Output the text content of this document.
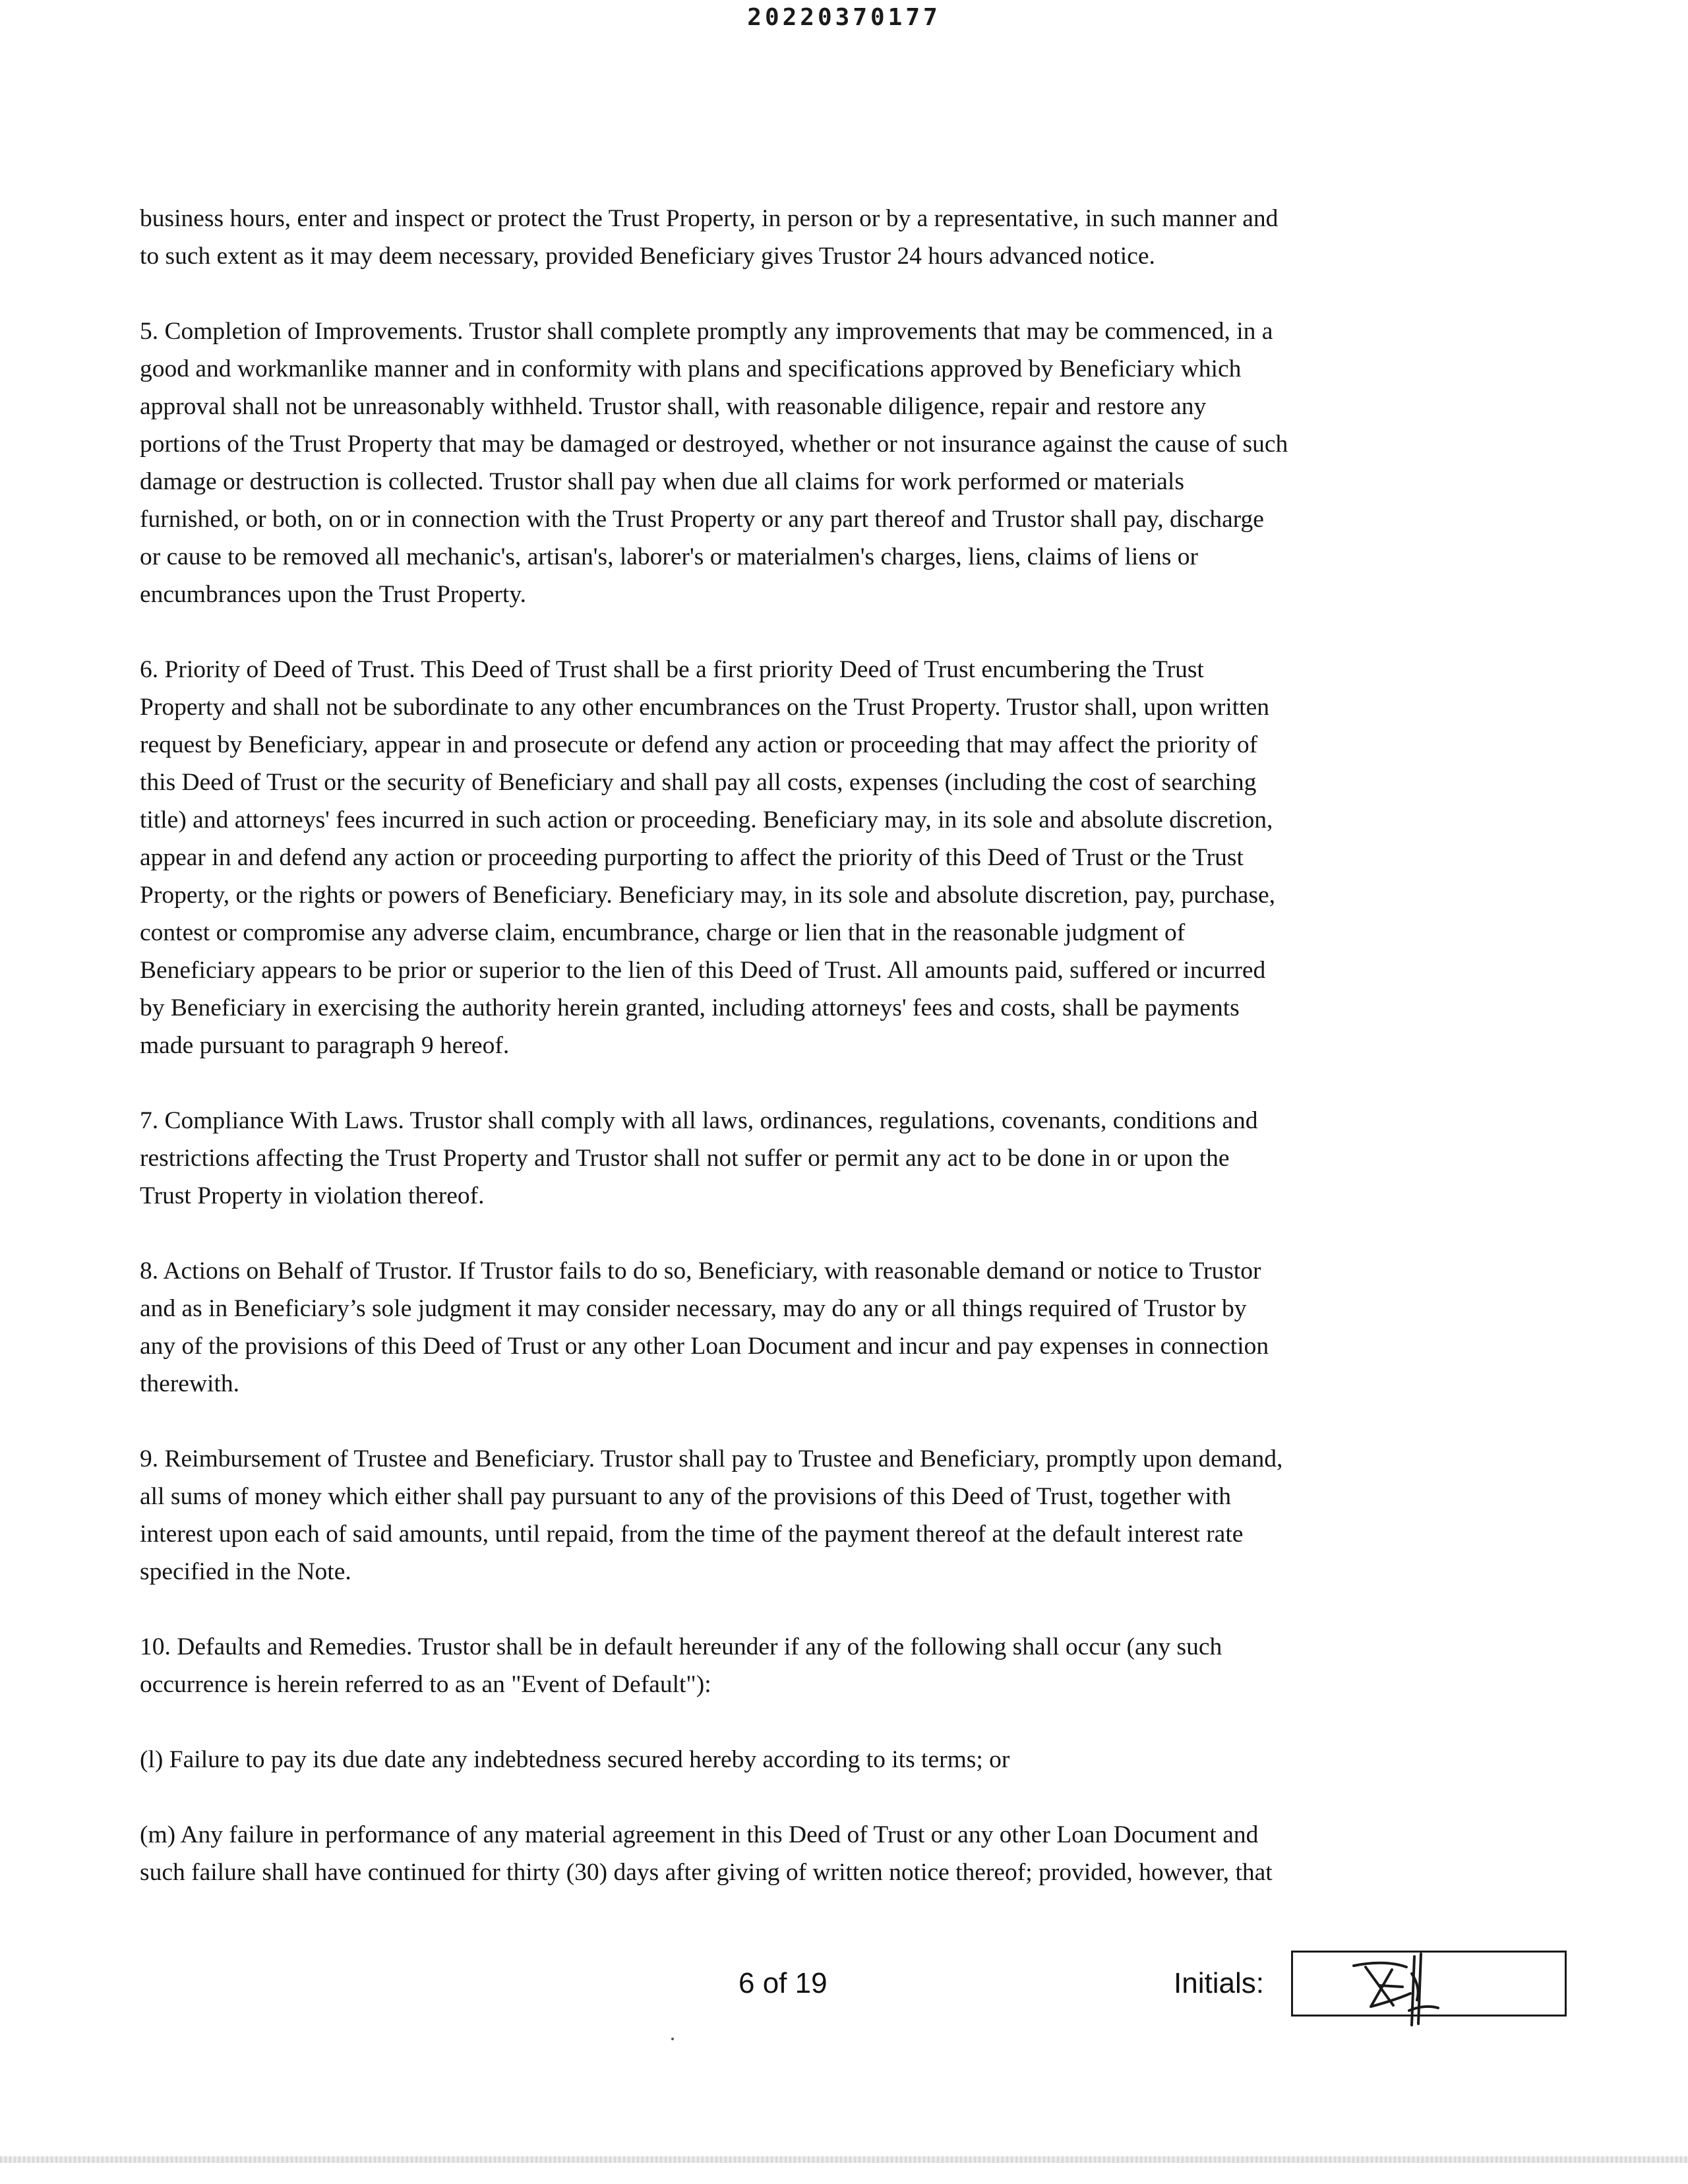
20220370177

business hours, enter and inspect or protect the Trust Property, in person or by a representative, in such manner and
to such extent as it may deem necessary, provided Beneficiary gives Trustor 24 hours advanced notice.

5. Completion of Improvements. Trustor shall complete promptly any improvements that may be commenced, in a
good and workmanlike manner and in conformity with plans and specifications approved by Beneficiary which
approval shall not be unreasonably withheld. Trustor shall, with reasonable diligence, repair and restore any
portions of the Trust Property that may be damaged or destroyed, whether or not insurance against the cause of such
damage or destruction is collected. Trustor shall pay when due all claims for work performed or materials
furnished, or both, on or in connection with the Trust Property or any part thereof and Trustor shall pay, discharge
or cause to be removed all mechanic's, artisan's, laborer's or materialmen's charges, liens, claims of liens or
encumbrances upon the Trust Property.

6. Priority of Deed of Trust. This Deed of Trust shall be a first priority Deed of Trust encumbering the Trust
Property and shall not be subordinate to any other encumbrances on the Trust Property. Trustor shall, upon written
request by Beneficiary, appear in and prosecute or defend any action or proceeding that may affect the priority of
this Deed of Trust or the security of Beneficiary and shall pay all costs, expenses (including the cost of searching
title) and attorneys' fees incurred in such action or proceeding. Beneficiary may, in its sole and absolute discretion,
appear in and defend any action or proceeding purporting to affect the priority of this Deed of Trust or the Trust
Property, or the rights or powers of Beneficiary. Beneficiary may, in its sole and absolute discretion, pay, purchase,
contest or compromise any adverse claim, encumbrance, charge or lien that in the reasonable judgment of
Beneficiary appears to be prior or superior to the lien of this Deed of Trust. All amounts paid, suffered or incurred
by Beneficiary in exercising the authority herein granted, including attorneys' fees and costs, shall be payments
made pursuant to paragraph 9 hereof.

7. Compliance With Laws. Trustor shall comply with all laws, ordinances, regulations, covenants, conditions and
restrictions affecting the Trust Property and Trustor shall not suffer or permit any act to be done in or upon the
Trust Property in violation thereof.

8. Actions on Behalf of Trustor. If Trustor fails to do so, Beneficiary, with reasonable demand or notice to Trustor
and as in Beneficiary’s sole judgment it may consider necessary, may do any or all things required of Trustor by
any of the provisions of this Deed of Trust or any other Loan Document and incur and pay expenses in connection
therewith.

9. Reimbursement of Trustee and Beneficiary. Trustor shall pay to Trustee and Beneficiary, promptly upon demand,
all sums of money which either shall pay pursuant to any of the provisions of this Deed of Trust, together with
interest upon each of said amounts, until repaid, from the time of the payment thereof at the default interest rate
specified in the Note.

10. Defaults and Remedies. Trustor shall be in default hereunder if any of the following shall occur (any such
occurrence is herein referred to as an "Event of Default"):

(l) Failure to pay its due date any indebtedness secured hereby according to its terms; or

(m) Any failure in performance of any material agreement in this Deed of Trust or any other Loan Document and
such failure shall have continued for thirty (30) days after giving of written notice thereof; provided, however, that

6 of 19	Initials:
